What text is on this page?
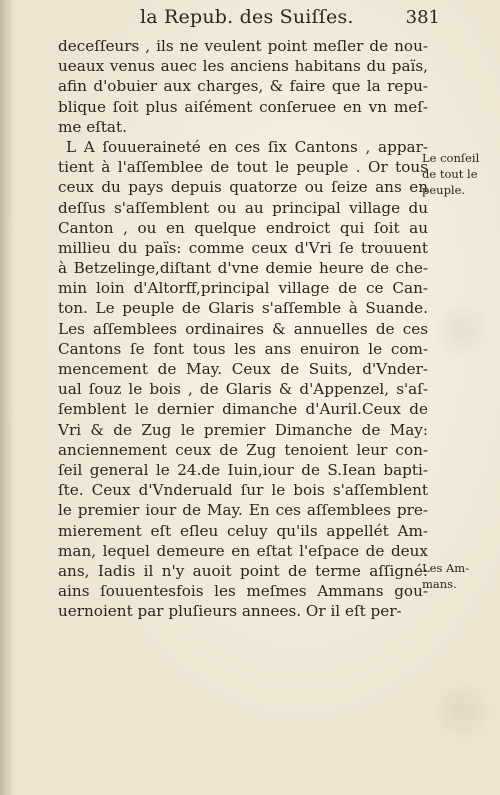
la Repub. des Suiſſes.	381
deceſſeurs , ils ne veulent point meſler de nou-
ueaux venus auec les anciens habitans du païs,
afin d'obuier aux charges, & faire que la repu-
blique ſoit plus aiſément conſeruee en vn meſ-
me eſtat.
L A ſouueraineté en ces ſix Cantons , appar-
tient à l'aſſemblee de tout le peuple . Or tous
ceux du pays depuis quatorze ou ſeize ans en
deſſus s'aſſemblent ou au principal village du
Canton , ou en quelque endroict qui ſoit au
millieu du païs: comme ceux d'Vri ſe trouuent
à Betzelinge,diſtant d'vne demie heure de che-
min loin d'Altorff,principal village de ce Can-
ton. Le peuple de Glaris s'aſſemble à Suande.
Les aſſemblees ordinaires & annuelles de ces
Cantons ſe font tous les ans enuiron le com-
mencement de May. Ceux de Suits, d'Vnder-
ual ſouz le bois , de Glaris & d'Appenzel, s'aſ-
ſemblent le dernier dimanche d'Auril.Ceux de
Vri & de Zug le premier Dimanche de May:
anciennement ceux de Zug tenoient leur con-
ſeil general le 24.de Iuin,iour de S.Iean bapti-
ſte. Ceux d'Vnderuald ſur le bois s'aſſemblent
le premier iour de May. En ces aſſemblees pre-
mierement eſt eſleu celuy qu'ils appellét Am-
man, lequel demeure en eſtat l'eſpace de deux
ans, Iadis il n'y auoit point de terme aſſigné:
ains ſouuentesfois les meſmes Ammans gou-
uernoient par pluſieurs annees. Or il eſt per-
Le conſeil
de tout le
peuple.
Les Am-
mans.
